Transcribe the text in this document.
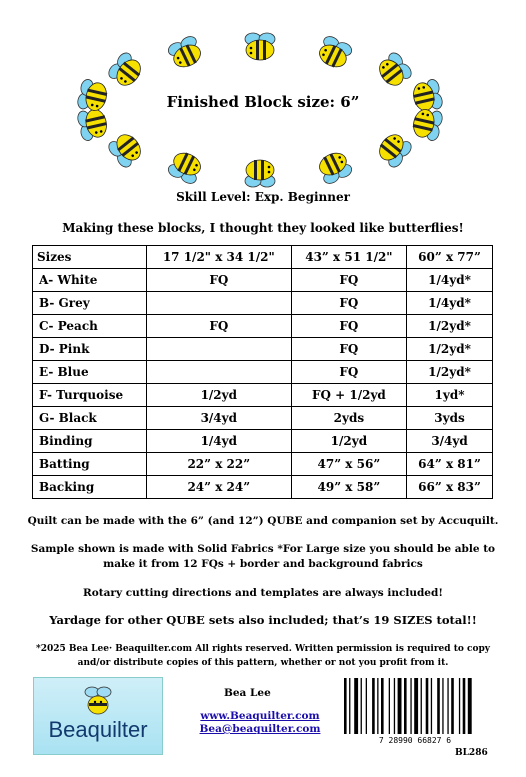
Finished Block size: 6”
Skill Level: Exp. Beginner
Making these blocks, I thought they looked like butterflies!
Sizes	17 1/2" x 34 1/2"	43” x 51 1/2"	60” x 77”
A- White	FQ	FQ	1/4yd*
B- Grey		FQ	1/4yd*
C- Peach	FQ	FQ	1/2yd*
D- Pink		FQ	1/2yd*
E- Blue		FQ	1/2yd*
F- Turquoise	1/2yd	FQ + 1/2yd	1yd*
G- Black	3/4yd	2yds	3yds
Binding	1/4yd	1/2yd	3/4yd
Batting	22” x 22”	47” x 56”	64” x 81”
Backing	24” x 24”	49” x 58”	66” x 83”
Quilt can be made with the 6” (and 12”) QUBE and companion set by Accuquilt.
Sample shown is made with Solid Fabrics *For Large size you should be able to
make it from 12 FQs + border and background fabrics
Rotary cutting directions and templates are always included!
Yardage for other QUBE sets also included; that’s 19 SIZES total!!
*2025 Bea Lee· Beaquilter.com All rights reserved. Written permission is required to copy
and/or distribute copies of this pattern, whether or not you profit from it.
Beaquilter
Bea Lee
www.Beaquilter.com
Bea@beaquilter.com
7 28990 66827 6
BL286
